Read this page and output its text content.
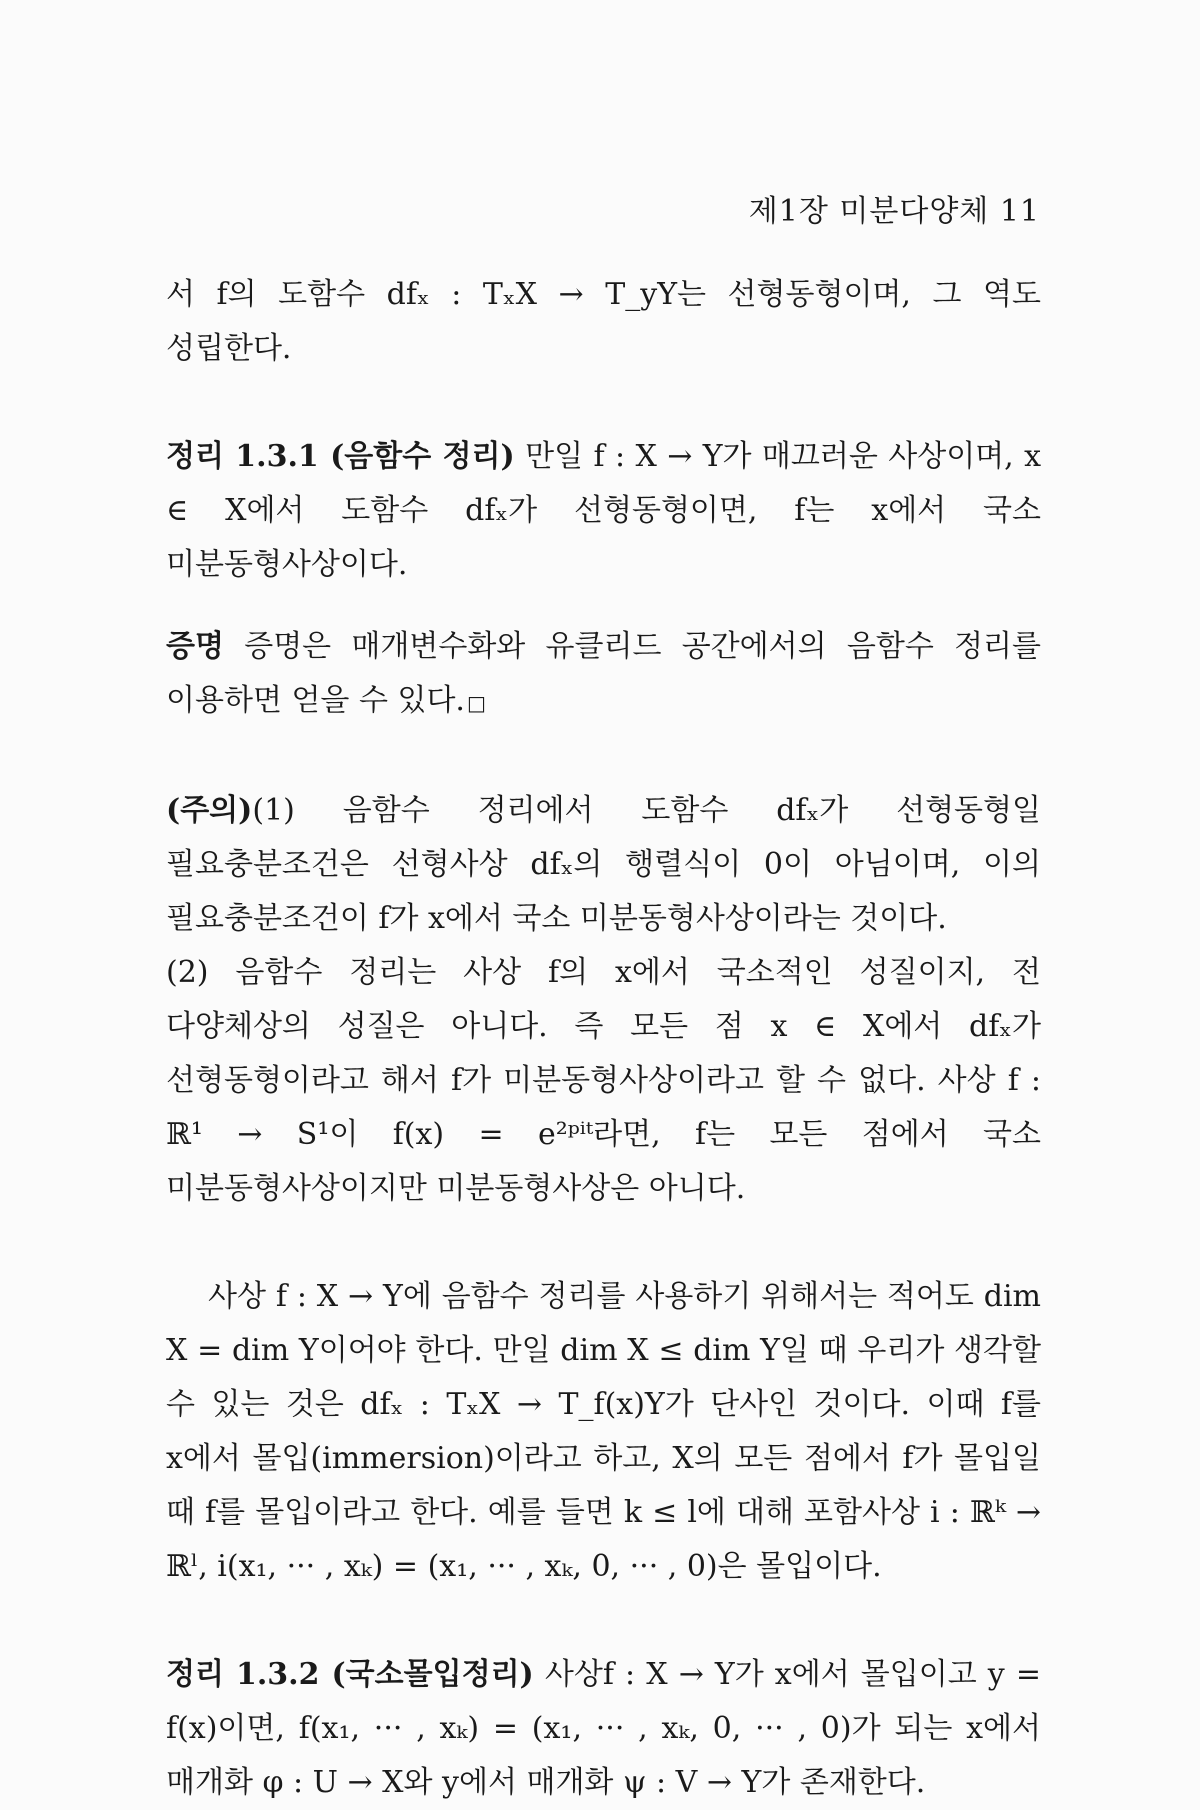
제1장 미분다양체 11

서 f의 도함수 dfₓ : TₓX → T_yY는 선형동형이며, 그 역도 성립한다.

정리 1.3.1 (음함수 정리) 만일 f : X → Y가 매끄러운 사상이며, x ∈ X에서 도함수 dfₓ가 선형동형이면, f는 x에서 국소 미분동형사상이다.

증명 증명은 매개변수화와 유클리드 공간에서의 음함수 정리를 이용하면 얻을 수 있다. □

(주의)(1) 음함수 정리에서 도함수 dfₓ가 선형동형일 필요충분조건은 선형사상 dfₓ의 행렬식이 0이 아님이며, 이의 필요충분조건이 f가 x에서 국소 미분동형사상이라는 것이다.

(2) 음함수 정리는 사상 f의 x에서 국소적인 성질이지, 전 다양체상의 성질은 아니다. 즉 모든 점 x ∈ X에서 dfₓ가 선형동형이라고 해서 f가 미분동형사상이라고 할 수 없다. 사상 f : ℝ¹ → S¹이 f(x) = e²ᵖⁱᵗ라면, f는 모든 점에서 국소 미분동형사상이지만 미분동형사상은 아니다.

사상 f : X → Y에 음함수 정리를 사용하기 위해서는 적어도 dim X = dim Y이어야 한다. 만일 dim X ≤ dim Y일 때 우리가 생각할 수 있는 것은 dfₓ : TₓX → T_f(x)Y가 단사인 것이다. 이때 f를 x에서 몰입(immersion)이라고 하고, X의 모든 점에서 f가 몰입일 때 f를 몰입이라고 한다. 예를 들면 k ≤ l에 대해 포함사상 i : ℝᵏ → ℝˡ, i(x₁, ··· , xₖ) = (x₁, ··· , xₖ, 0, ··· , 0)은 몰입이다.

정리 1.3.2 (국소몰입정리) 사상f : X → Y가 x에서 몰입이고 y = f(x)이면, f(x₁, ··· , xₖ) = (x₁, ··· , xₖ, 0, ··· , 0)가 되는 x에서 매개화 φ : U → X와 y에서 매개화 ψ : V → Y가 존재한다.
